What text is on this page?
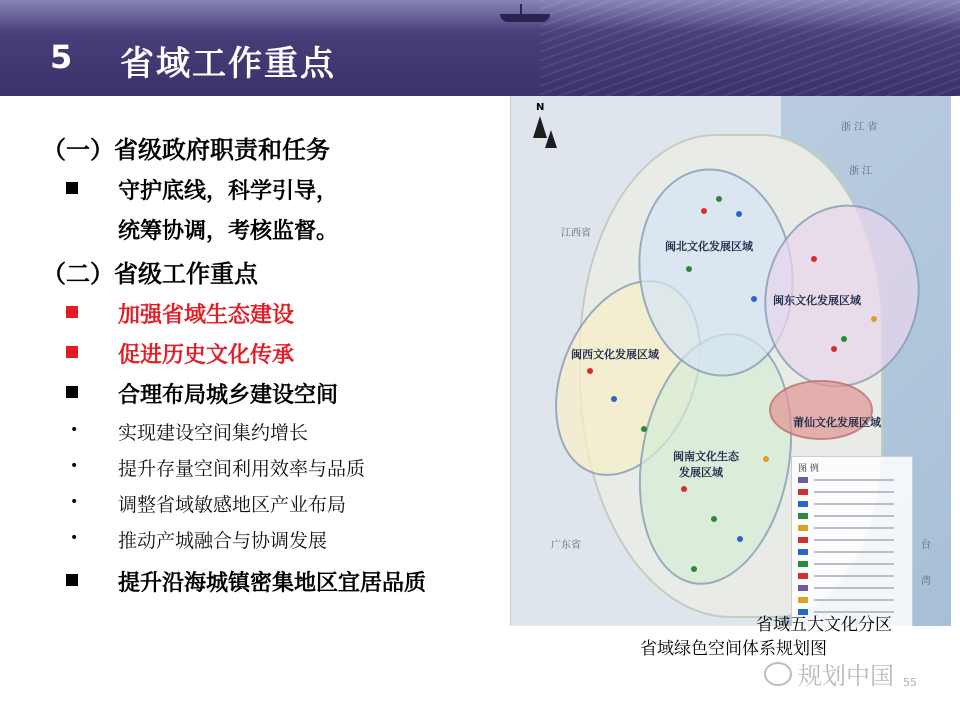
5 省域工作重点
（一）省级政府职责和任务
守护底线，科学引导，
统筹协调，考核监督。
（二）省级工作重点
加强省域生态建设
促进历史文化传承
合理布局城乡建设空间
• 实现建设空间集约增长
• 提升存量空间利用效率与品质
• 调整省域敏感地区产业布局
• 推动产城融合与协调发展
提升沿海城镇密集地区宜居品质
N
浙 江 省
浙 江
江西省
广东省	台
湾
闽北文化发展区域
闽东文化发展区域
闽西文化发展区域
闽南文化生态
发展区域
莆仙文化发展区域
图 例
省域五大文化分区
省域绿色空间体系规划图
规划中国 55
